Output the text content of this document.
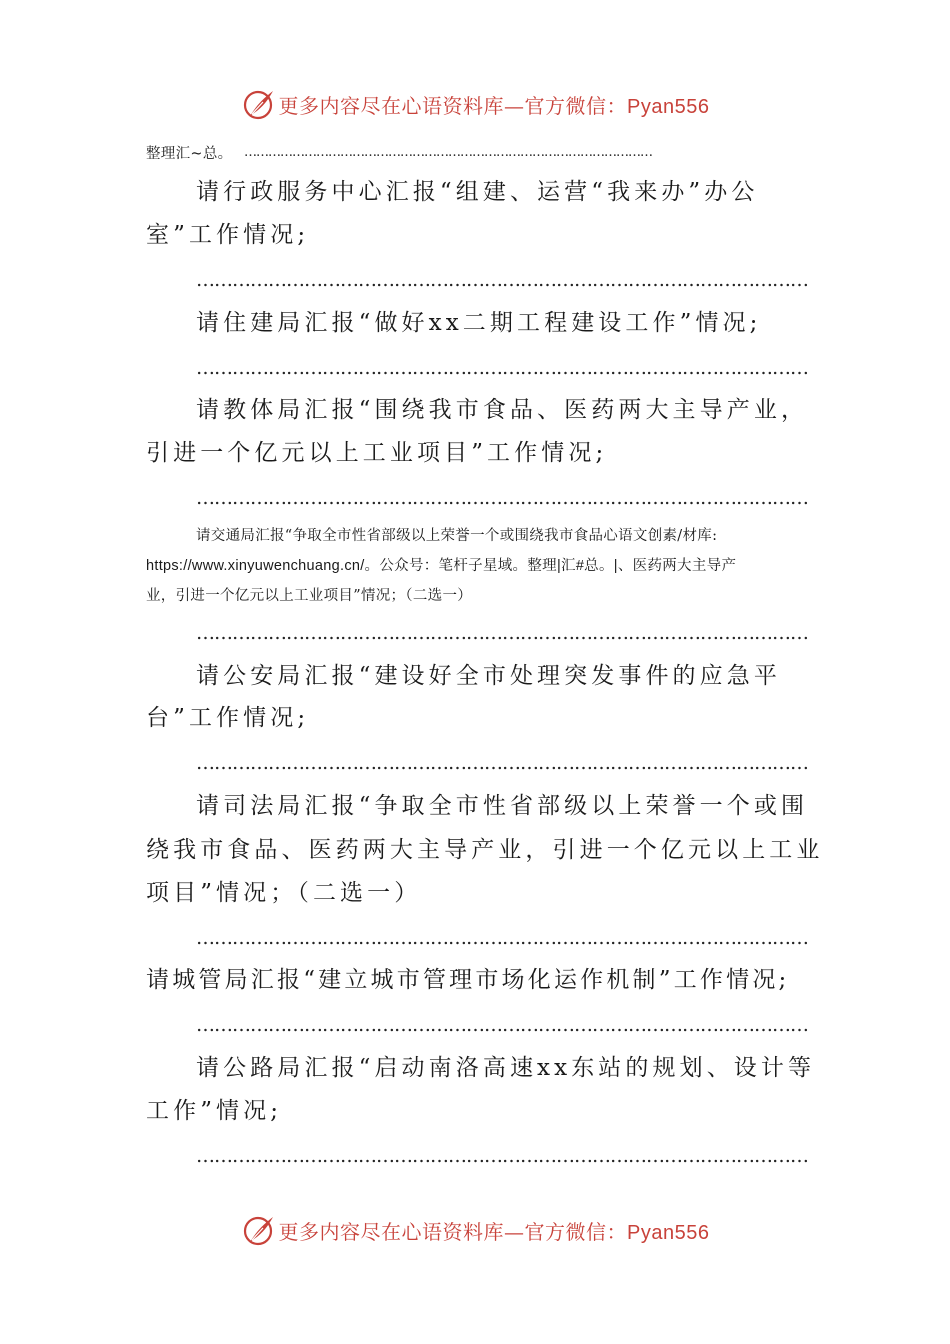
更多内容尽在心语资料库—官方微信：Pyan556
整理汇~总。 …………………………………………………………………………………………
请行政服务中心汇报“组建、运营“我来办”办公
室”工作情况;
…………………………………………………………………………………………
请住建局汇报“做好xx二期工程建设工作”情况;
…………………………………………………………………………………………
请教体局汇报“围绕我市食品、医药两大主导产业，
引进一个亿元以上工业项目”工作情况;
…………………………………………………………………………………………
请交通局汇报“争取全市性省部级以上荣誉一个或围绕我市食品心语文创素/材库:
https://www.xinyuwenchuang.cn/。公众号：笔杆子星域。整理|汇#总。|、医药两大主导产
业，引进一个亿元以上工业项目”情况；（二选一）
…………………………………………………………………………………………
请公安局汇报“建设好全市处理突发事件的应急平
台”工作情况;
…………………………………………………………………………………………
请司法局汇报“争取全市性省部级以上荣誉一个或围
绕我市食品、医药两大主导产业，引进一个亿元以上工业
项目”情况；（二选一）
…………………………………………………………………………………………
请城管局汇报“建立城市管理市场化运作机制”工作情况;
…………………………………………………………………………………………
请公路局汇报“启动南洛高速xx东站的规划、设计等
工作”情况;
…………………………………………………………………………………………
更多内容尽在心语资料库—官方微信：Pyan556
